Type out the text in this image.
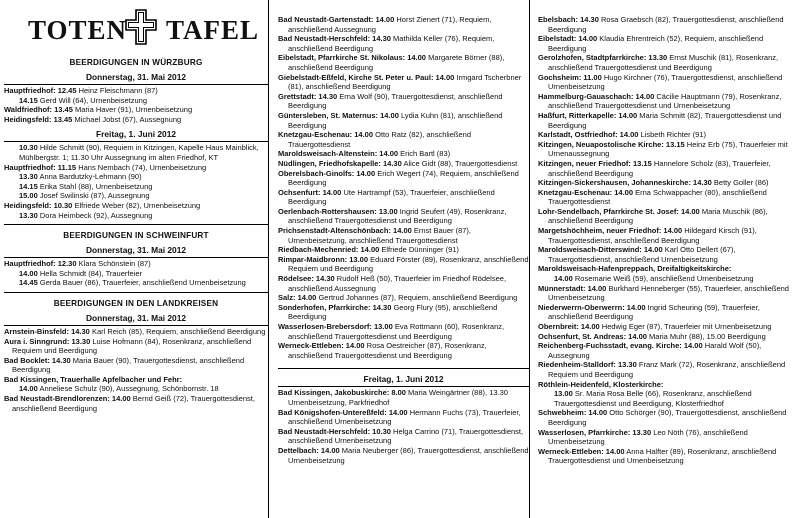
TOTEN TAFEL
BEERDIGUNGEN IN WÜRZBURG
Donnerstag, 31. Mai 2012
Hauptfriedhof: 12.45 Heinz Fleischmann (87)
14.15 Gerd Will (64), Urnenbeisetzung
Waldfriedhof: 13.45 Maria Haver (91), Urnenbeisetzung
Heidingsfeld: 13.45 Michael Jobst (67), Aussegnung
Freitag, 1. Juni 2012
10.30 Hilde Schmitt (90), Requiem in Kitzingen, Kapelle Haus Mainblick, Mühlbergstr. 1; 11.30 Uhr Aussegnung im alten Friedhof, KT
Hauptfriedhof: 11.15 Hans Nembach (74), Urnenbeisetzung
13.30 Anna Bardutzky-Lehmann (90)
14.15 Erika Stahl (88), Urnenbeisetzung
15.00 Josef Swilinski (87), Aussegnung
Heidingsfeld: 10.30 Elfriede Weber (82), Urnenbeisetzung
13.30 Dora Heimbeck (92), Aussegnung
BEERDIGUNGEN IN SCHWEINFURT
Donnerstag, 31. Mai 2012
Hauptfriedhof: 12.30 Klara Schönstein (87)
14.00 Hella Schmidt (84), Trauerfeier
14.45 Gerda Bauer (86), Trauerfeier, anschließend Urnenbeisetzung
BEERDIGUNGEN IN DEN LANDKREISEN
Donnerstag, 31. Mai 2012
Arnstein-Binsfeld: 14.30 Karl Reich (85), Requiem, anschließend Beerdigung
Aura i. Sinngrund: 13.30 Luise Hofmann (84), Rosenkranz, anschließend Requiem und Beerdigung
Bad Bocklet: 14.30 Maria Bauer (90), Trauergottesdienst, anschließend Beerdigung
Bad Kissingen, Trauerhalle Apfelbacher und Fehr:
14.00 Anneliese Schulz (90), Aussegnung, Schönbornstr. 18
Bad Neustadt-Brendlorenzen: 14.00 Bernd Geiß (72), Trauergottesdienst, anschließend Beerdigung
Bad Neustadt-Gartenstadt: 14.00 Horst Zienert (71), Requiem, anschließend Aussegnung
Bad Neustadt-Herschfeld: 14.30 Mathilda Keller (76), Requiem, anschließend Beerdigung
Eibelstadt, Pfarrkirche St. Nikolaus: 14.00 Margarete Börner (88), anschließend Beerdigung
Giebelstadt-Eßfeld, Kirche St. Peter u. Paul: 14.00 Irmgard Tscherbner (81), anschließend Beerdigung
Grettstadt: 14.30 Erna Wolf (90), Trauergottesdienst, anschließend Beerdigung
Güntersleben, St. Maternus: 14.00 Lydia Kuhn (81), anschließend Beerdigung
Knetzgau-Eschenau: 14.00 Otto Ratz (82), anschließend Trauergottesdienst
Maroldsweisach-Altenstein: 14.00 Erich Bartl (83)
Nüdlingen, Friedhofskapelle: 14.30 Alice Gidt (88), Trauergottesdienst
Oberelsbach-Ginolfs: 14.00 Erich Wegert (74), Requiem, anschließend Beerdigung
Ochsenfurt: 14.00 Ute Hartrampf (53), Trauerfeier, anschließend Beerdigung
Oerlenbach-Rottershausen: 13.00 Ingrid Seufert (49), Rosenkranz, anschließend Trauergottesdienst und Beerdigung
Prichsenstadt-Altenschönbach: 14.00 Ernst Bauer (87), Urnenbeisetzung, anschließend Trauergottesdienst
Riedbach-Mechenried: 14.00 Elfriede Dünninger (91)
Rimpar-Maidbronn: 13.00 Eduard Förster (89), Rosenkranz, anschließend Requiem und Beerdigung
Rödelsee: 14.30 Rudolf Heß (50), Trauerfeier im Friedhof Rödelsee, anschließend Aussegnung
Salz: 14.00 Gertrud Johannes (87), Requiem, anschließend Beerdigung
Sonderhofen, Pfarrkirche: 14.30 Georg Flury (95), anschließend Beerdigung
Wasserlosen-Brebersdorf: 13.00 Eva Rottmann (60), Rosenkranz, anschließend Trauergottesdienst und Beerdigung
Werneck-Ettleben: 14.00 Rosa Oestreicher (87), Rosenkranz, anschließend Trauergottesdienst und Beerdigung
Freitag, 1. Juni 2012
Bad Kissingen, Jakobuskirche: 8.00 Maria Weingärtner (88), 13.30 Urnenbeisetzung, Parkfriedhof
Bad Königshofen-Untereßfeld: 14.00 Hermann Fuchs (73), Trauerfeier, anschließend Urnenbeisetzung
Bad Neustadt-Herschfeld: 10.30 Helga Carrino (71), Trauergottesdienst, anschließend Urnenbeisetzung
Dettelbach: 14.00 Maria Neuberger (86), Trauergottesdienst, anschließend Urnenbeisetzung
Ebelsbach: 14.30 Rosa Graebsch (82), Trauergottesdienst, anschließend Beerdigung
Eibelstadt: 14.00 Klaudia Ehrentreich (52), Requiem, anschließend Beerdigung
Gerolzhofen, Stadtpfarrkirche: 13.30 Ernst Muschik (81), Rosenkranz, anschließend Trauergottesdienst und Beerdigung
Gochsheim: 11.00 Hugo Kirchner (76), Trauergottesdienst, anschließend Urnenbeisetzung
Hammelburg-Gauaschach: 14.00 Cäcilie Hauptmann (79), Rosenkranz, anschließend Trauergottesdienst und Urnenbeisetzung
Haßfurt, Ritterkapelle: 14.00 Maria Schmitt (82), Trauergottesdienst und Beerdigung
Karlstadt, Ostfriedhof: 14.00 Lisbeth Richter (91)
Kitzingen, Neuapostolische Kirche: 13.15 Heinz Erb (75), Trauerfeier mit Urnenaussegnung
Kitzingen, neuer Friedhof: 13.15 Hannelore Scholz (83), Trauerfeier, anschließend Beerdigung
Kitzingen-Sickershausen, Johanneskirche: 14.30 Betty Goller (86)
Knetzgau-Eschenau: 14.00 Erna Schwappacher (80), anschließend Trauergottesdienst
Lohr-Sendelbach, Pfarrkirche St. Josef: 14.00 Maria Muschik (86), anschließend Beerdigung
Margetshöchheim, neuer Friedhof: 14.00 Hildegard Kirsch (91), Trauergottesdienst, anschließend Beerdigung
Maroldsweisach-Ditterswind: 14.00 Karl Otto Dellert (67), Trauergottesdienst, anschließend Urnenbeisetzung
Maroldsweisach-Hafenpreppach, Dreifaltigkeitskirche:
14.00 Rosemarie Weiß (59), anschließend Urnenbeisetzung
Münnerstadt: 14.00 Burkhard Henneberger (55), Trauerfeier, anschließend Urnenbeisetzung
Niederwerrn-Oberwerrn: 14.00 Ingrid Scheuring (59), Trauerfeier, anschließend Beerdigung
Obernbreit: 14.00 Hedwig Eger (87), Trauerfeier mit Urnenbeisetzung
Ochsenfurt, St. Andreas: 14.00 Maria Muhr (88), 15.00 Beerdigung
Reichenberg-Fuchsstadt, evang. Kirche: 14.00 Harald Wolf (50), Aussegnung
Riedenheim-Stalldorf: 13.30 Franz Mark (72), Rosenkranz, anschließend Requiem und Beerdigung
Röthlein-Heidenfeld, Klosterkirche:
13.00 Sr. Maria Rosa Belle (66), Rosenkranz, anschließend Trauergottesdienst und Beerdigung, Klosterfriedhof
Schwebheim: 14.00 Otto Schörger (90), Trauergottesdienst, anschließend Beerdigung
Wasserlosen, Pfarrkirche: 13.30 Leo Nöth (76), anschließend Urnenbeisetzung
Werneck-Ettleben: 14.00 Anna Halfter (89), Rosenkranz, anschließend Trauergottesdienst und Urnenbeisetzung
